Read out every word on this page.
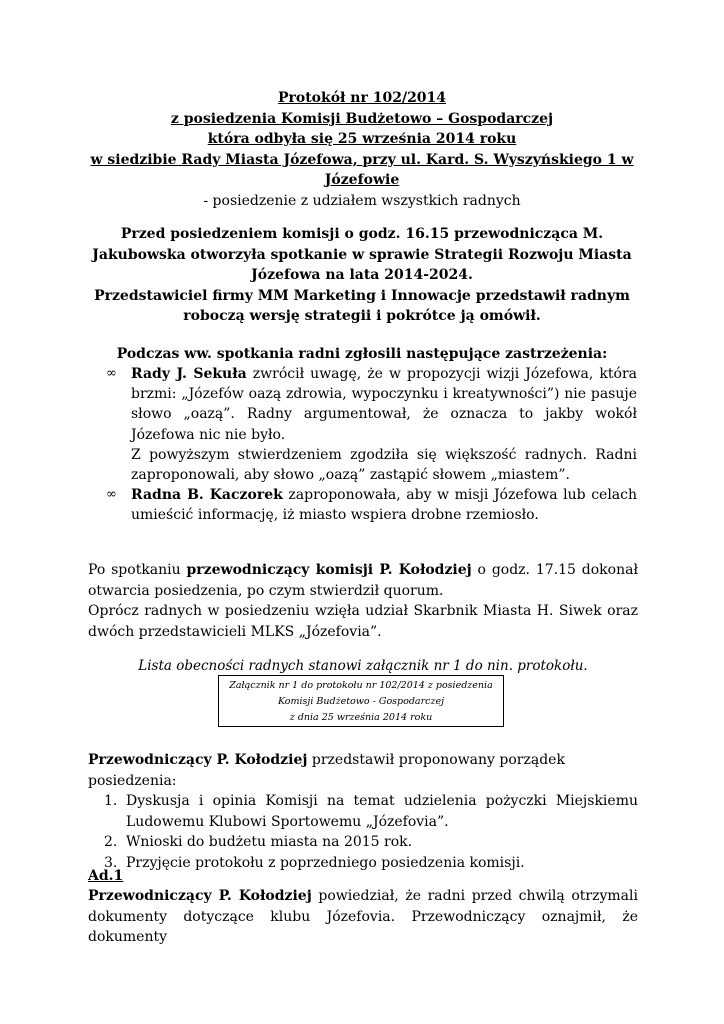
Protokół nr 102/2014
z posiedzenia Komisji Budżetowo – Gospodarczej
która odbyła się 25 września 2014 roku
w siedzibie Rady Miasta Józefowa, przy ul. Kard. S. Wyszyńskiego 1 w Józefowie
- posiedzenie z udziałem wszystkich radnych
Przed posiedzeniem komisji o godz. 16.15 przewodnicząca M. Jakubowska otworzyła spotkanie w sprawie Strategii Rozwoju Miasta Józefowa na lata 2014-2024.
Przedstawiciel firmy MM Marketing i Innowacje przedstawił radnym roboczą wersję strategii i pokrótce ją omówił.
Podczas ww. spotkania radni zgłosili następujące zastrzeżenia:
∞ Rady J. Sekuła zwrócił uwagę, że w propozycji wizji Józefowa, która brzmi: „Józefów oazą zdrowia, wypoczynku i kreatywności”) nie pasuje słowo „oazą”. Radny argumentował, że oznacza to jakby wokół Józefowa nic nie było.

Z powyższym stwierdzeniem zgodziła się większość radnych. Radni zaproponowali, aby słowo „oazą” zastąpić słowem „miastem”.

∞ Radna B. Kaczorek zaproponowała, aby w misji Józefowa lub celach umieścić informację, iż miasto wspiera drobne rzemiosło.

Po spotkaniu przewodniczący komisji P. Kołodziej o godz. 17.15 dokonał otwarcia posiedzenia, po czym stwierdził quorum.

Oprócz radnych w posiedzeniu wzięła udział Skarbnik Miasta H. Siwek oraz dwóch przedstawicieli MLKS „Józefovia”.

Lista obecności radnych stanowi załącznik nr 1 do nin. protokołu.
Załącznik nr 1 do protokołu nr 102/2014 z posiedzenia
Komisji Budżetowo - Gospodarczej
z dnia 25 września 2014 roku
Przewodniczący P. Kołodziej przedstawił proponowany porządek posiedzenia:
1. Dyskusja i opinia Komisji na temat udzielenia pożyczki Miejskiemu Ludowemu Klubowi Sportowemu „Józefovia”.
2. Wnioski do budżetu miasta na 2015 rok.
3. Przyjęcie protokołu z poprzedniego posiedzenia komisji.
Ad.1

Przewodniczący P. Kołodziej powiedział, że radni przed chwilą otrzymali dokumenty dotyczące klubu Józefovia. Przewodniczący oznajmił, że dokumenty
